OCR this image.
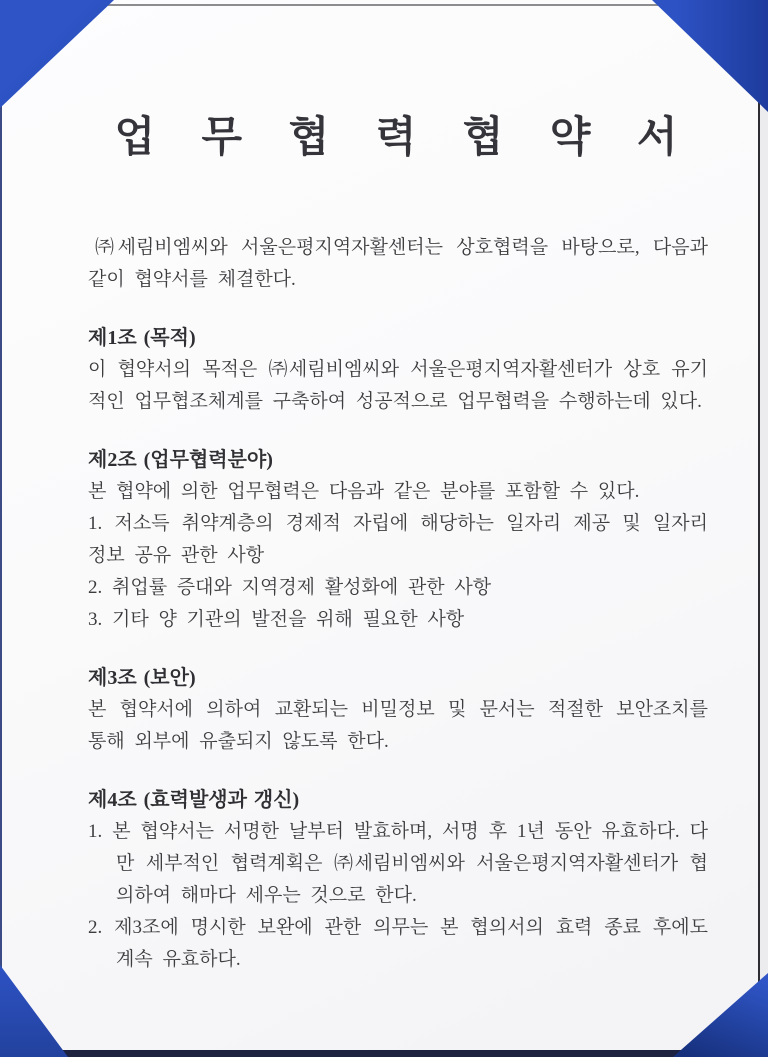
업 무 협 력 협 약 서

㈜세림비엠씨와 서울은평지역자활센터는 상호협력을 바탕으로, 다음과 같이 협약서를 체결한다.

제1조 (목적)

이 협약서의 목적은 ㈜세림비엠씨와 서울은평지역자활센터가 상호 유기적인 업무협조체계를 구축하여 성공적으로 업무협력을 수행하는데 있다.

제2조 (업무협력분야)

본 협약에 의한 업무협력은 다음과 같은 분야를 포함할 수 있다.

1. 저소득 취약계층의 경제적 자립에 해당하는 일자리 제공 및 일자리 정보 공유 관한 사항

2. 취업률 증대와 지역경제 활성화에 관한 사항

3. 기타 양 기관의 발전을 위해 필요한 사항

제3조 (보안)

본 협약서에 의하여 교환되는 비밀정보 및 문서는 적절한 보안조치를 통해 외부에 유출되지 않도록 한다.

제4조 (효력발생과 갱신)

1. 본 협약서는 서명한 날부터 발효하며, 서명 후 1년 동안 유효하다. 다만 세부적인 협력계획은 ㈜세림비엠씨와 서울은평지역자활센터가 협의하여 해마다 세우는 것으로 한다.

2. 제3조에 명시한 보완에 관한 의무는 본 협의서의 효력 종료 후에도 계속 유효하다.
